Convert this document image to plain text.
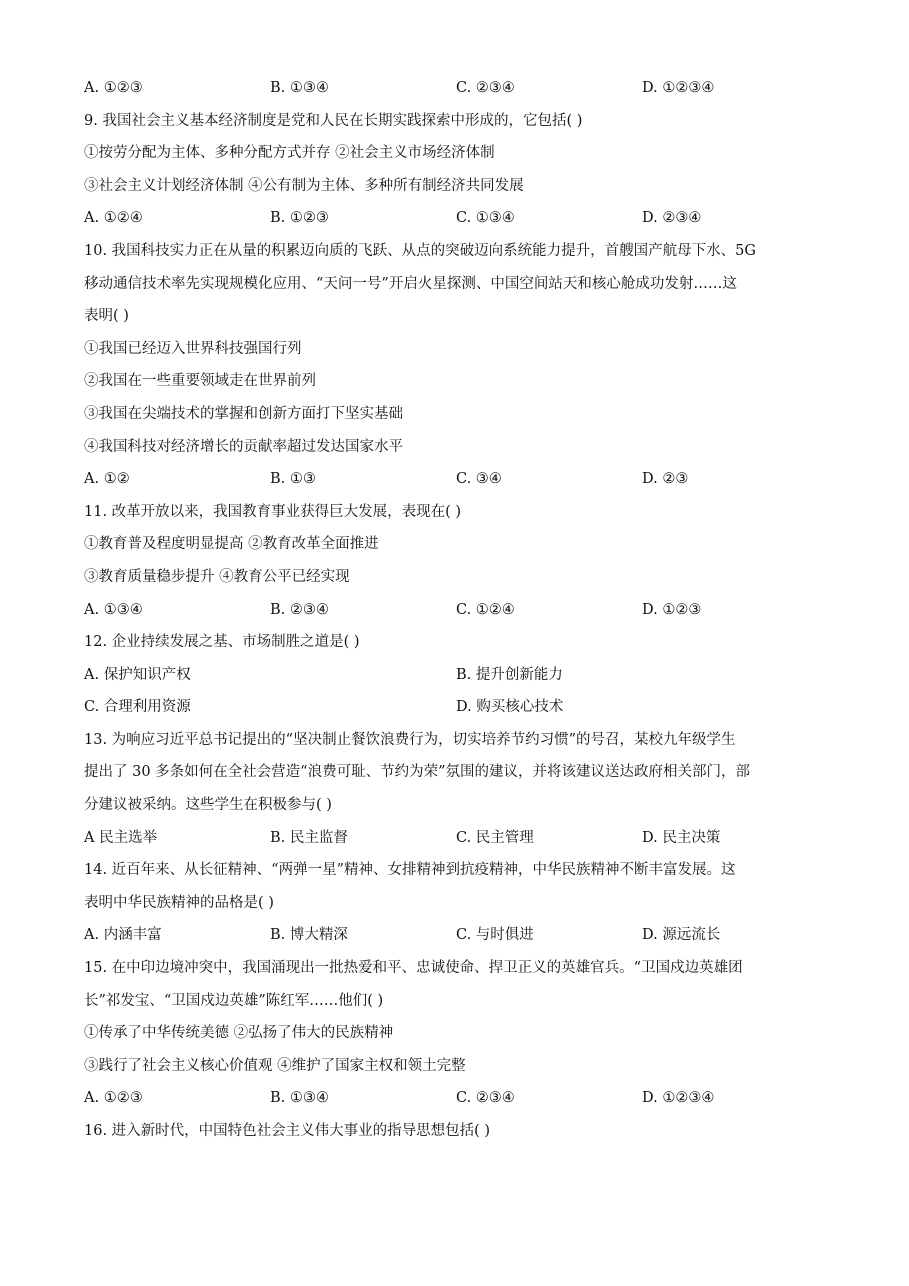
A. ①②③	B. ①③④	C. ②③④	D. ①②③④
9. 我国社会主义基本经济制度是党和人民在长期实践探索中形成的，它包括( )
①按劳分配为主体、多种分配方式并存 ②社会主义市场经济体制
③社会主义计划经济体制 ④公有制为主体、多种所有制经济共同发展
A. ①②④	B. ①②③	C. ①③④	D. ②③④
10. 我国科技实力正在从量的积累迈向质的飞跃、从点的突破迈向系统能力提升，首艘国产航母下水、5G
移动通信技术率先实现规模化应用、“天问一号”开启火星探测、中国空间站天和核心舱成功发射……这
表明( )
①我国已经迈入世界科技强国行列
②我国在一些重要领域走在世界前列
③我国在尖端技术的掌握和创新方面打下坚实基础
④我国科技对经济增长的贡献率超过发达国家水平
A. ①②	B. ①③	C. ③④	D. ②③
11. 改革开放以来，我国教育事业获得巨大发展，表现在( )
①教育普及程度明显提高 ②教育改革全面推进
③教育质量稳步提升 ④教育公平已经实现
A. ①③④	B. ②③④	C. ①②④	D. ①②③
12. 企业持续发展之基、市场制胜之道是( )
A. 保护知识产权	B. 提升创新能力
C. 合理利用资源	D. 购买核心技术
13. 为响应习近平总书记提出的“坚决制止餐饮浪费行为，切实培养节约习惯”的号召，某校九年级学生
提出了 30 多条如何在全社会营造“浪费可耻、节约为荣”氛围的建议，并将该建议送达政府相关部门，部
分建议被采纳。这些学生在积极参与( )
A 民主选举	B. 民主监督	C. 民主管理	D. 民主决策
14. 近百年来、从长征精神、“两弹一星”精神、女排精神到抗疫精神，中华民族精神不断丰富发展。这
表明中华民族精神的品格是( )
A. 内涵丰富	B. 博大精深	C. 与时俱进	D. 源远流长
15. 在中印边境冲突中，我国涌现出一批热爱和平、忠诚使命、捍卫正义的英雄官兵。“卫国戍边英雄团
长”祁发宝、“卫国戍边英雄”陈红军……他们( )
①传承了中华传统美德 ②弘扬了伟大的民族精神
③践行了社会主义核心价值观 ④维护了国家主权和领土完整
A. ①②③	B. ①③④	C. ②③④	D. ①②③④
16. 进入新时代，中国特色社会主义伟大事业的指导思想包括( )
